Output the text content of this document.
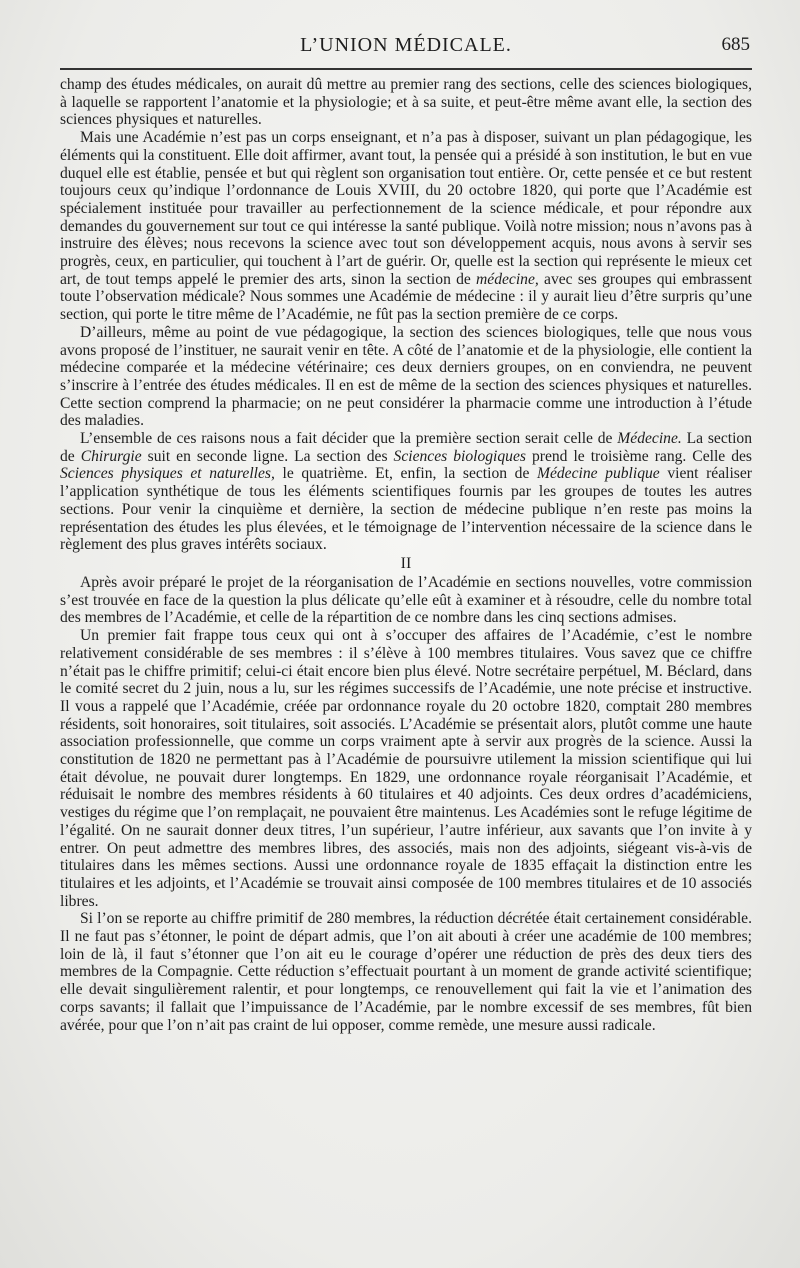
L’UNION MÉDICALE.	685

champ des études médicales, on aurait dû mettre au premier rang des sections, celle des sciences biologiques, à laquelle se rapportent l’anatomie et la physiologie; et à sa suite, et peut-être même avant elle, la section des sciences physiques et naturelles.

Mais une Académie n’est pas un corps enseignant, et n’a pas à disposer, suivant un plan pédagogique, les éléments qui la constituent. Elle doit affirmer, avant tout, la pensée qui a présidé à son institution, le but en vue duquel elle est établie, pensée et but qui règlent son organisation tout entière. Or, cette pensée et ce but restent toujours ceux qu’indique l’ordonnance de Louis XVIII, du 20 octobre 1820, qui porte que l’Académie est spécialement instituée pour travailler au perfectionnement de la science médicale, et pour répondre aux demandes du gouvernement sur tout ce qui intéresse la santé publique. Voilà notre mission; nous n’avons pas à instruire des élèves; nous recevons la science avec tout son développement acquis, nous avons à servir ses progrès, ceux, en particulier, qui touchent à l’art de guérir. Or, quelle est la section qui représente le mieux cet art, de tout temps appelé le premier des arts, sinon la section de médecine, avec ses groupes qui embrassent toute l’observation médicale? Nous sommes une Académie de médecine : il y aurait lieu d’être surpris qu’une section, qui porte le titre même de l’Académie, ne fût pas la section première de ce corps.

D’ailleurs, même au point de vue pédagogique, la section des sciences biologiques, telle que nous vous avons proposé de l’instituer, ne saurait venir en tête. A côté de l’anatomie et de la physiologie, elle contient la médecine comparée et la médecine vétérinaire; ces deux derniers groupes, on en conviendra, ne peuvent s’inscrire à l’entrée des études médicales. Il en est de même de la section des sciences physiques et naturelles. Cette section comprend la pharmacie; on ne peut considérer la pharmacie comme une introduction à l’étude des maladies.

L’ensemble de ces raisons nous a fait décider que la première section serait celle de Médecine. La section de Chirurgie suit en seconde ligne. La section des Sciences biologiques prend le troisième rang. Celle des Sciences physiques et naturelles, le quatrième. Et, enfin, la section de Médecine publique vient réaliser l’application synthétique de tous les éléments scientifiques fournis par les groupes de toutes les autres sections. Pour venir la cinquième et dernière, la section de médecine publique n’en reste pas moins la représentation des études les plus élevées, et le témoignage de l’intervention nécessaire de la science dans le règlement des plus graves intérêts sociaux.

II

Après avoir préparé le projet de la réorganisation de l’Académie en sections nouvelles, votre commission s’est trouvée en face de la question la plus délicate qu’elle eût à examiner et à résoudre, celle du nombre total des membres de l’Académie, et celle de la répartition de ce nombre dans les cinq sections admises.

Un premier fait frappe tous ceux qui ont à s’occuper des affaires de l’Académie, c’est le nombre relativement considérable de ses membres : il s’élève à 100 membres titulaires. Vous savez que ce chiffre n’était pas le chiffre primitif; celui-ci était encore bien plus élevé. Notre secrétaire perpétuel, M. Béclard, dans le comité secret du 2 juin, nous a lu, sur les régimes successifs de l’Académie, une note précise et instructive. Il vous a rappelé que l’Académie, créée par ordonnance royale du 20 octobre 1820, comptait 280 membres résidents, soit honoraires, soit titulaires, soit associés. L’Académie se présentait alors, plutôt comme une haute association professionnelle, que comme un corps vraiment apte à servir aux progrès de la science. Aussi la constitution de 1820 ne permettant pas à l’Académie de poursuivre utilement la mission scientifique qui lui était dévolue, ne pouvait durer longtemps. En 1829, une ordonnance royale réorganisait l’Académie, et réduisait le nombre des membres résidents à 60 titulaires et 40 adjoints. Ces deux ordres d’académiciens, vestiges du régime que l’on remplaçait, ne pouvaient être maintenus. Les Académies sont le refuge légitime de l’égalité. On ne saurait donner deux titres, l’un supérieur, l’autre inférieur, aux savants que l’on invite à y entrer. On peut admettre des membres libres, des associés, mais non des adjoints, siégeant vis-à-vis de titulaires dans les mêmes sections. Aussi une ordonnance royale de 1835 effaçait la distinction entre les titulaires et les adjoints, et l’Académie se trouvait ainsi composée de 100 membres titulaires et de 10 associés libres.

Si l’on se reporte au chiffre primitif de 280 membres, la réduction décrétée était certainement considérable. Il ne faut pas s’étonner, le point de départ admis, que l’on ait abouti à créer une académie de 100 membres; loin de là, il faut s’étonner que l’on ait eu le courage d’opérer une réduction de près des deux tiers des membres de la Compagnie. Cette réduction s’effectuait pourtant à un moment de grande activité scientifique; elle devait singulièrement ralentir, et pour longtemps, ce renouvellement qui fait la vie et l’animation des corps savants; il fallait que l’impuissance de l’Académie, par le nombre excessif de ses membres, fût bien avérée, pour que l’on n’ait pas craint de lui opposer, comme remède, une mesure aussi radicale.
